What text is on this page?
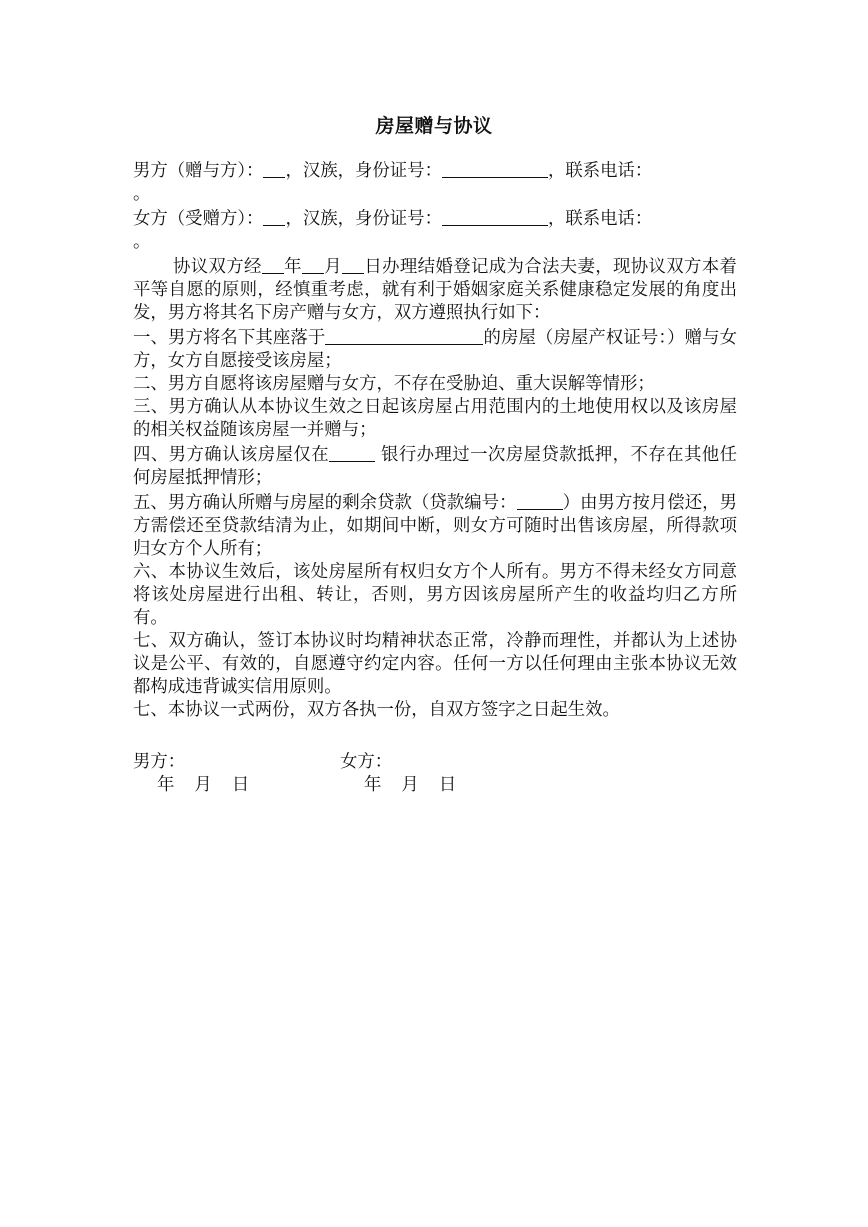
房屋赠与协议
男方（赠与方）： ，汉族，身份证号：	，联系电话：
。
女方（受赠方）： ，汉族，身份证号：	，联系电话：
。
协议双方经 年 月 日办理结婚登记成为合法夫妻，现协议双方本着平等自愿的原则，经慎重考虑，就有利于婚姻家庭关系健康稳定发展的角度出发，男方将其名下房产赠与女方，双方遵照执行如下：
一、男方将名下其座落于	的房屋（房屋产权证号：）赠与女方，女方自愿接受该房屋；
二、男方自愿将该房屋赠与女方，不存在受胁迫、重大误解等情形；
三、男方确认从本协议生效之日起该房屋占用范围内的土地使用权以及该房屋的相关权益随该房屋一并赠与；
四、男方确认该房屋仅在	银行办理过一次房屋贷款抵押，不存在其他任何房屋抵押情形；
五、男方确认所赠与房屋的剩余贷款（贷款编号：	）由男方按月偿还，男方需偿还至贷款结清为止，如期间中断，则女方可随时出售该房屋，所得款项归女方个人所有；
六、本协议生效后，该处房屋所有权归女方个人所有。男方不得未经女方同意将该处房屋进行出租、转让，否则，男方因该房屋所产生的收益均归乙方所有。
七、双方确认，签订本协议时均精神状态正常，冷静而理性，并都认为上述协议是公平、有效的，自愿遵守约定内容。任何一方以任何理由主张本协议无效都构成违背诚实信用原则。
七、本协议一式两份，双方各执一份，自双方签字之日起生效。
男方：
年 月 日
女方：
年 月 日
